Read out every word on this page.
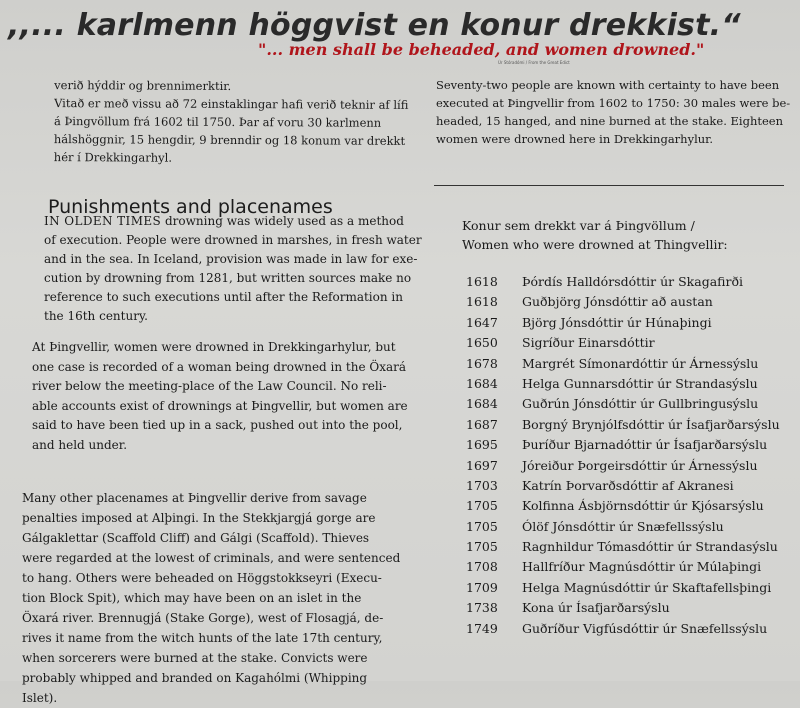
,,... karlmenn höggvist en konur drekkist.“
"... men shall be beheaded, and women drowned."
Úr Stóradómi / From the Great Edict
verið hýddir og brennimerktir.
Vitað er með vissu að 72 einstaklingar hafi verið teknir af lífi
á Þingvöllum frá 1602 til 1750. Þar af voru 30 karlmenn
hálshöggnir, 15 hengdir, 9 brenndir og 18 konum var drekkt
hér í Drekkingarhyl.
Seventy-two people are known with certainty to have been
executed at Þingvellir from 1602 to 1750: 30 males were be-
headed, 15 hanged, and nine burned at the stake. Eighteen
women were drowned here in Drekkingarhylur.
Punishments and placenames
IN OLDEN TIMES drowning was widely used as a method
of execution. People were drowned in marshes, in fresh water
and in the sea. In Iceland, provision was made in law for exe-
cution by drowning from 1281, but written sources make no
reference to such executions until after the Reformation in
the 16th century.
At Þingvellir, women were drowned in Drekkingarhylur, but
one case is recorded of a woman being drowned in the Öxará
river below the meeting-place of the Law Council. No reli-
able accounts exist of drownings at Þingvellir, but women are
said to have been tied up in a sack, pushed out into the pool,
and held under.
Many other placenames at Þingvellir derive from savage
penalties imposed at Alþingi. In the Stekkjargjá gorge are
Gálgaklettar (Scaffold Cliff) and Gálgi (Scaffold). Thieves
were regarded at the lowest of criminals, and were sentenced
to hang. Others were beheaded on Höggstokkseyri (Execu-
tion Block Spit), which may have been on an islet in the
Öxará river. Brennugjá (Stake Gorge), west of Flosagjá, de-
rives it name from the witch hunts of the late 17th century,
when sorcerers were burned at the stake. Convicts were
probably whipped and branded on Kagahólmi (Whipping
Islet).
Konur sem drekkt var á Þingvöllum /
Women who were drowned at Thingvellir:
1618 Þórdís Halldórsdóttir úr Skagafirði
1618 Guðbjörg Jónsdóttir að austan
1647 Björg Jónsdóttir úr Húnaþingi
1650 Sigríður Einarsdóttir
1678 Margrét Símonardóttir úr Árnessýslu
1684 Helga Gunnarsdóttir úr Strandasýslu
1684 Guðrún Jónsdóttir úr Gullbringusýslu
1687 Borgný Brynjólfsdóttir úr Ísafjarðarsýslu
1695 Þuríður Bjarnadóttir úr Ísafjarðarsýslu
1697 Jóreiður Þorgeirsdóttir úr Árnessýslu
1703 Katrín Þorvarðsdóttir af Akranesi
1705 Kolfinna Ásbjörnsdóttir úr Kjósarsýslu
1705 Ólöf Jónsdóttir úr Snæfellssýslu
1705 Ragnhildur Tómasdóttir úr Strandasýslu
1708 Hallfríður Magnúsdóttir úr Múlaþingi
1709 Helga Magnúsdóttir úr Skaftafellsþingi
1738 Kona úr Ísafjarðarsýslu
1749 Guðríður Vigfúsdóttir úr Snæfellssýslu
